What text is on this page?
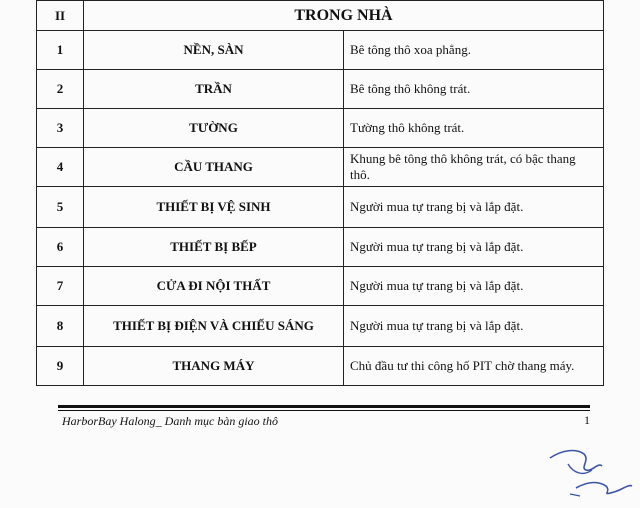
II	TRONG NHÀ	
1	NỀN, SÀN	Bê tông thô xoa phẳng.
2	TRẦN	Bê tông thô không trát.
3	TƯỜNG	Tường thô không trát.
4	CẦU THANG	Khung bê tông thô không trát, có bậc thang thô.
5	THIẾT BỊ VỆ SINH	Người mua tự trang bị và lắp đặt.
6	THIẾT BỊ BẾP	Người mua tự trang bị và lắp đặt.
7	CỬA ĐI NỘI THẤT	Người mua tự trang bị và lắp đặt.
8	THIẾT BỊ ĐIỆN VÀ CHIẾU SÁNG	Người mua tự trang bị và lắp đặt.
9	THANG MÁY	Chủ đầu tư thi công hố PIT chờ thang máy.
HarborBay Halong_ Danh mục bàn giao thô	1
